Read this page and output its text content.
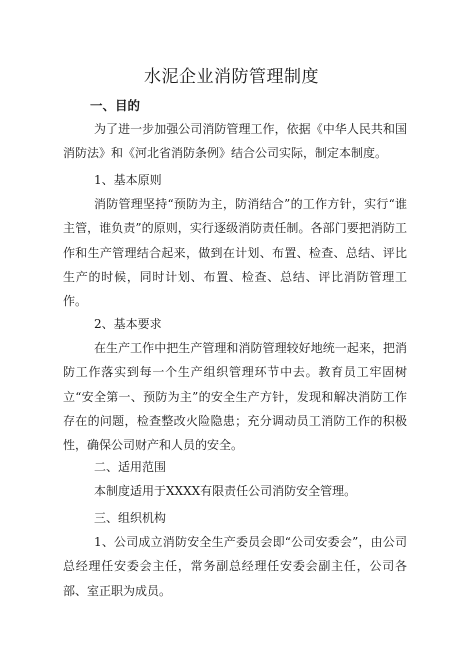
水泥企业消防管理制度
一、目的

为了进一步加强公司消防管理工作，依据《中华人民共和国消防法》和《河北省消防条例》结合公司实际，制定本制度。

1、基本原则

消防管理坚持“预防为主，防消结合”的工作方针，实行“谁主管，谁负责”的原则，实行逐级消防责任制。各部门要把消防工作和生产管理结合起来，做到在计划、布置、检查、总结、评比生产的时候，同时计划、布置、检查、总结、评比消防管理工作。

2、基本要求

在生产工作中把生产管理和消防管理较好地统一起来，把消防工作落实到每一个生产组织管理环节中去。教育员工牢固树立“安全第一、预防为主”的安全生产方针，发现和解决消防工作存在的问题，检查整改火险隐患；充分调动员工消防工作的积极性，确保公司财产和人员的安全。

二、适用范围

本制度适用于XXXX有限责任公司消防安全管理。

三、组织机构

1、公司成立消防安全生产委员会即“公司安委会”，由公司总经理任安委会主任，常务副总经理任安委会副主任，公司各部、室正职为成员。
